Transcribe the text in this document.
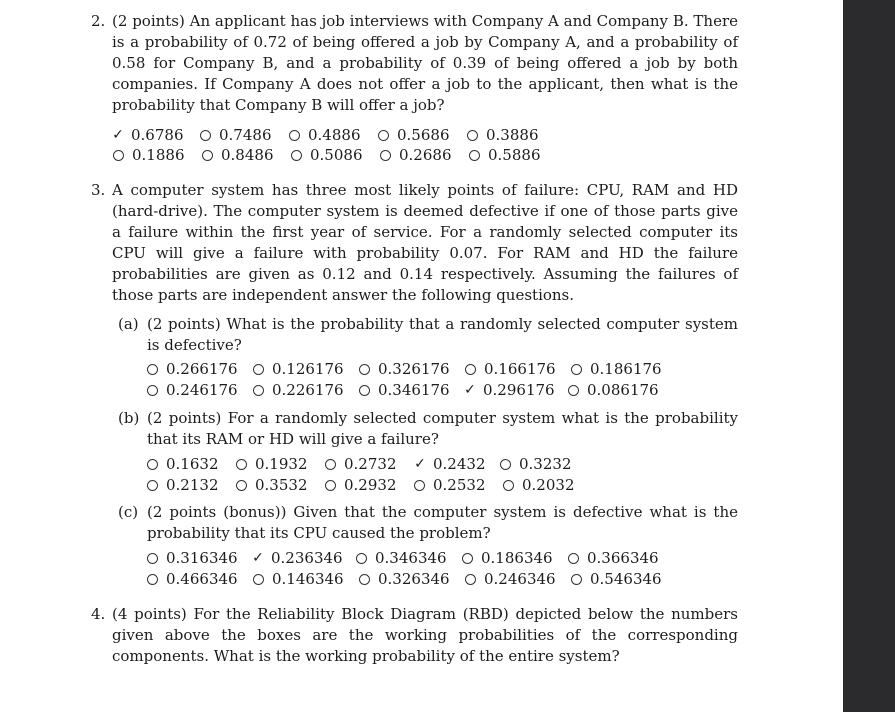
2. (2 points) An applicant has job interviews with Company A and Company B. There is a probability of 0.72 of being offered a job by Company A, and a probability of 0.58 for Company B, and a probability of 0.39 of being offered a job by both companies. If Company A does not offer a job to the applicant, then what is the probability that Company B will offer a job?
✓ 0.6786 0.7486 0.4886 0.5686 0.3886
0.1886 0.8486 0.5086 0.2686 0.5886
3. A computer system has three most likely points of failure: CPU, RAM and HD (hard-drive). The computer system is deemed defective if one of those parts give a failure within the first year of service. For a randomly selected computer its CPU will give a failure with probability 0.07. For RAM and HD the failure probabilities are given as 0.12 and 0.14 respectively. Assuming the failures of those parts are independent answer the following questions.
(a) (2 points) What is the probability that a randomly selected computer system is defective?
0.266176 0.126176 0.326176 0.166176 0.186176
0.246176 0.226176 0.346176 ✓ 0.296176 0.086176
(b) (2 points) For a randomly selected computer system what is the probability that its RAM or HD will give a failure?
0.1632 0.1932 0.2732 ✓ 0.2432 0.3232
0.2132 0.3532 0.2932 0.2532 0.2032
(c) (2 points (bonus)) Given that the computer system is defective what is the probability that its CPU caused the problem?
0.316346 ✓ 0.236346 0.346346 0.186346 0.366346
0.466346 0.146346 0.326346 0.246346 0.546346
4. (4 points) For the Reliability Block Diagram (RBD) depicted below the numbers given above the boxes are the working probabilities of the corresponding components. What is the working probability of the entire system?
